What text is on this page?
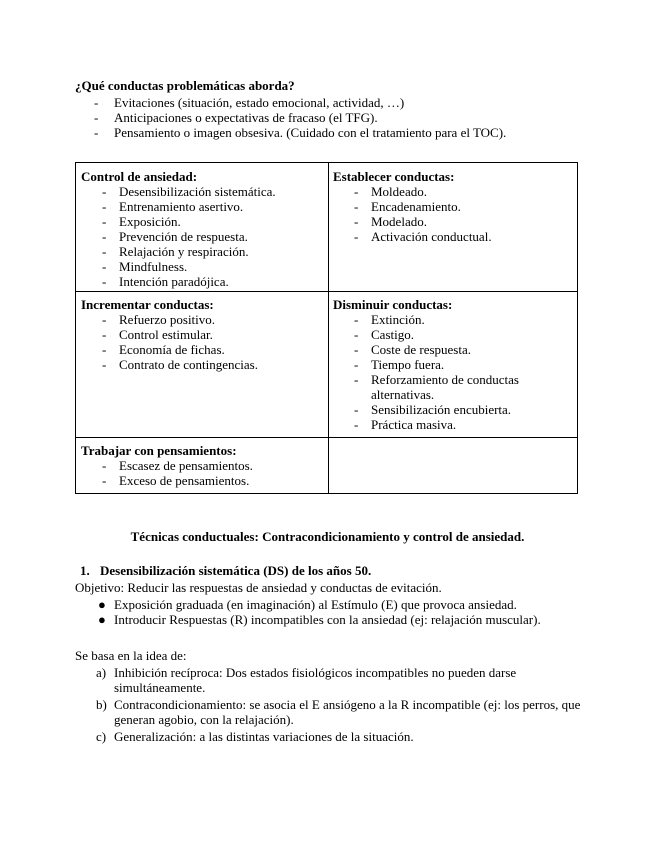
¿Qué conductas problemáticas aborda?
- Evitaciones (situación, estado emocional, actividad, …)
- Anticipaciones o expectativas de fracaso (el TFG).
- Pensamiento o imagen obsesiva. (Cuidado con el tratamiento para el TOC).
Control de ansiedad:
- Desensibilización sistemática.
- Entrenamiento asertivo.
- Exposición.
- Prevención de respuesta.
- Relajación y respiración.
- Mindfulness.
- Intención paradójica.
Establecer conductas:
- Moldeado.
- Encadenamiento.
- Modelado.
- Activación conductual.
Incrementar conductas:
- Refuerzo positivo.
- Control estimular.
- Economía de fichas.
- Contrato de contingencias.
Disminuir conductas:
- Extinción.
- Castigo.
- Coste de respuesta.
- Tiempo fuera.
- Reforzamiento de conductas alternativas.
- Sensibilización encubierta.
- Práctica masiva.
Trabajar con pensamientos:
- Escasez de pensamientos.
- Exceso de pensamientos.
Técnicas conductuales: Contracondicionamiento y control de ansiedad.
1. Desensibilización sistemática (DS) de los años 50.
Objetivo: Reducir las respuestas de ansiedad y conductas de evitación.
● Exposición graduada (en imaginación) al Estímulo (E) que provoca ansiedad.
● Introducir Respuestas (R) incompatibles con la ansiedad (ej: relajación muscular).
Se basa en la idea de:
a) Inhibición recíproca: Dos estados fisiológicos incompatibles no pueden darse simultáneamente.
b) Contracondicionamiento: se asocia el E ansiógeno a la R incompatible (ej: los perros, que generan agobio, con la relajación).
c) Generalización: a las distintas variaciones de la situación.
